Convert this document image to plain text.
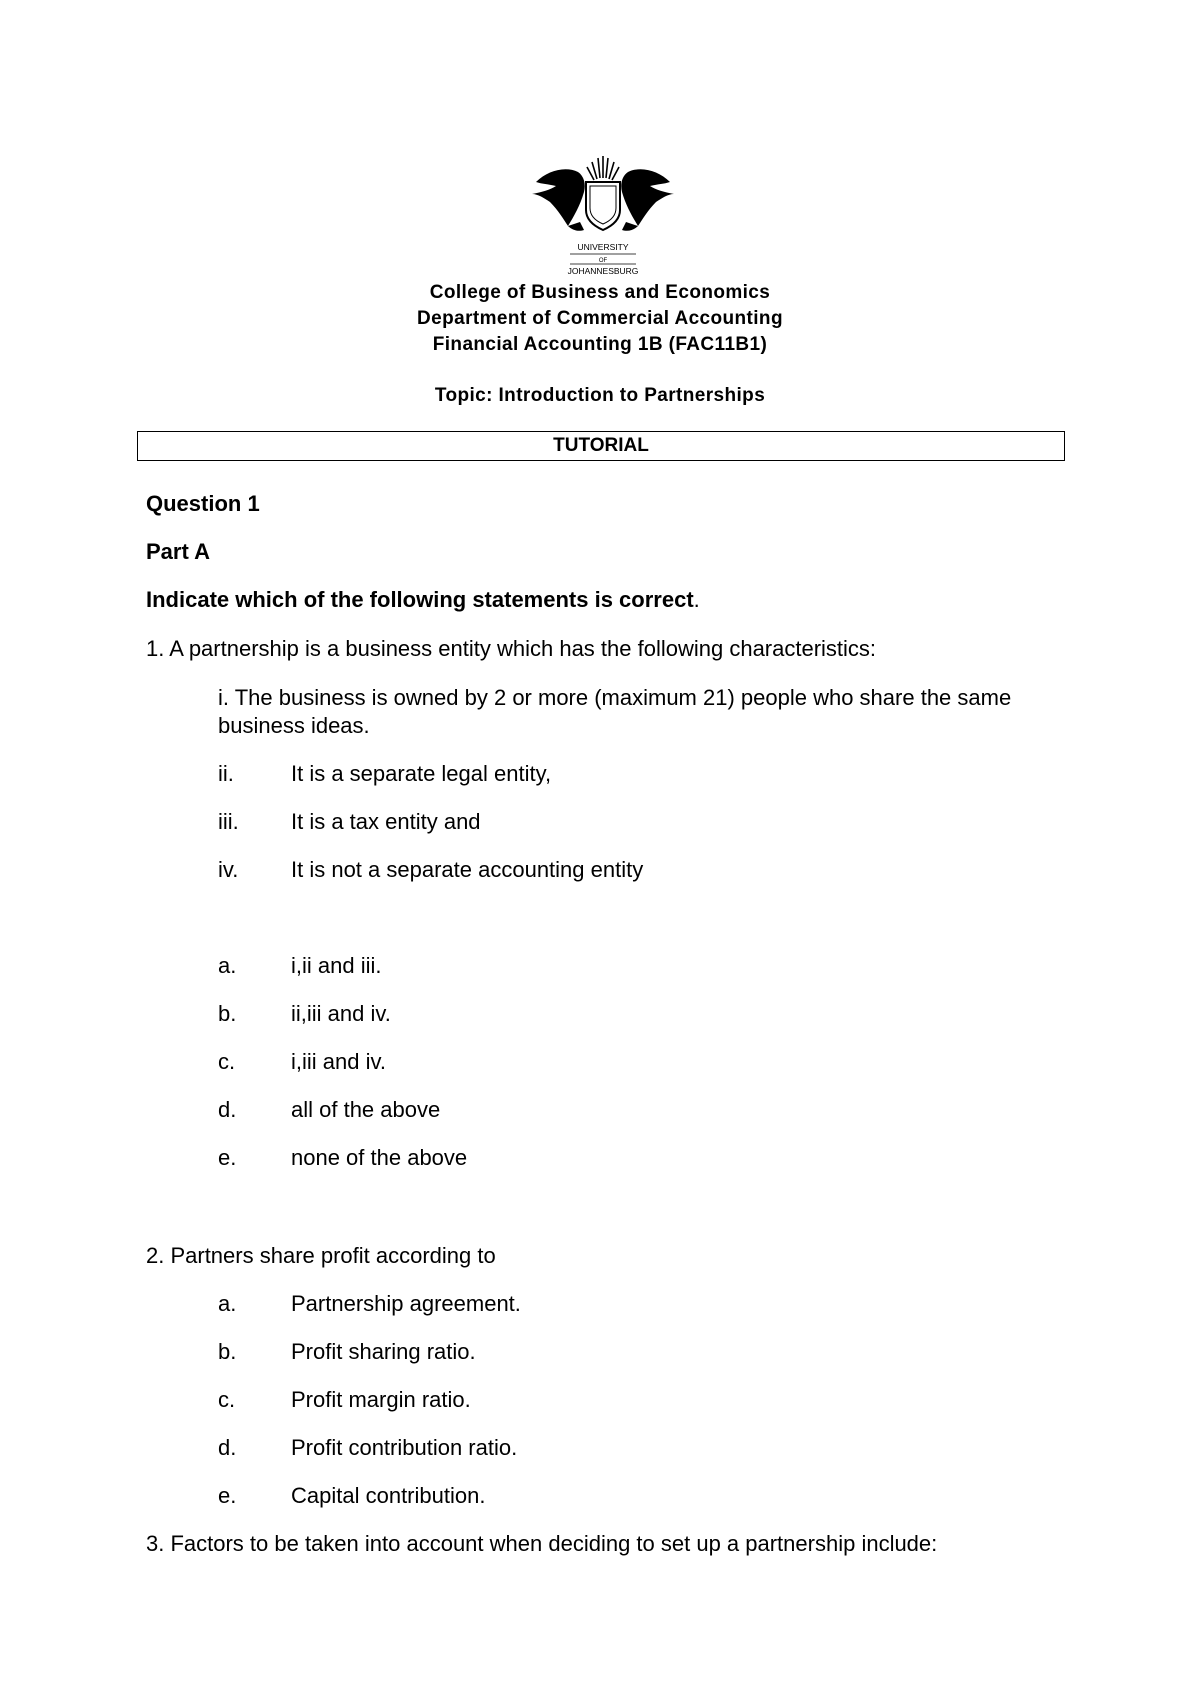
UNIVERSITY
OF
JOHANNESBURG
College of Business and Economics
Department of Commercial Accounting
Financial Accounting 1B (FAC11B1)
Topic: Introduction to Partnerships
TUTORIAL
Question 1
Part A
Indicate which of the following statements is correct.
1. A partnership is a business entity which has the following characteristics:
i. The business is owned by 2 or more (maximum 21) people who share the same business ideas.
ii.	It is a separate legal entity,
iii. It is a tax entity and
iv. It is not a separate accounting entity
a. i,ii and iii.
b. ii,iii and iv.
c.	i,iii and iv.
d. all of the above
e. none of the above
2. Partners share profit according to
a. Partnership agreement.
b. Profit sharing ratio.
c.	Profit margin ratio.
d. Profit contribution ratio.
e. Capital contribution.
3. Factors to be taken into account when deciding to set up a partnership include:
